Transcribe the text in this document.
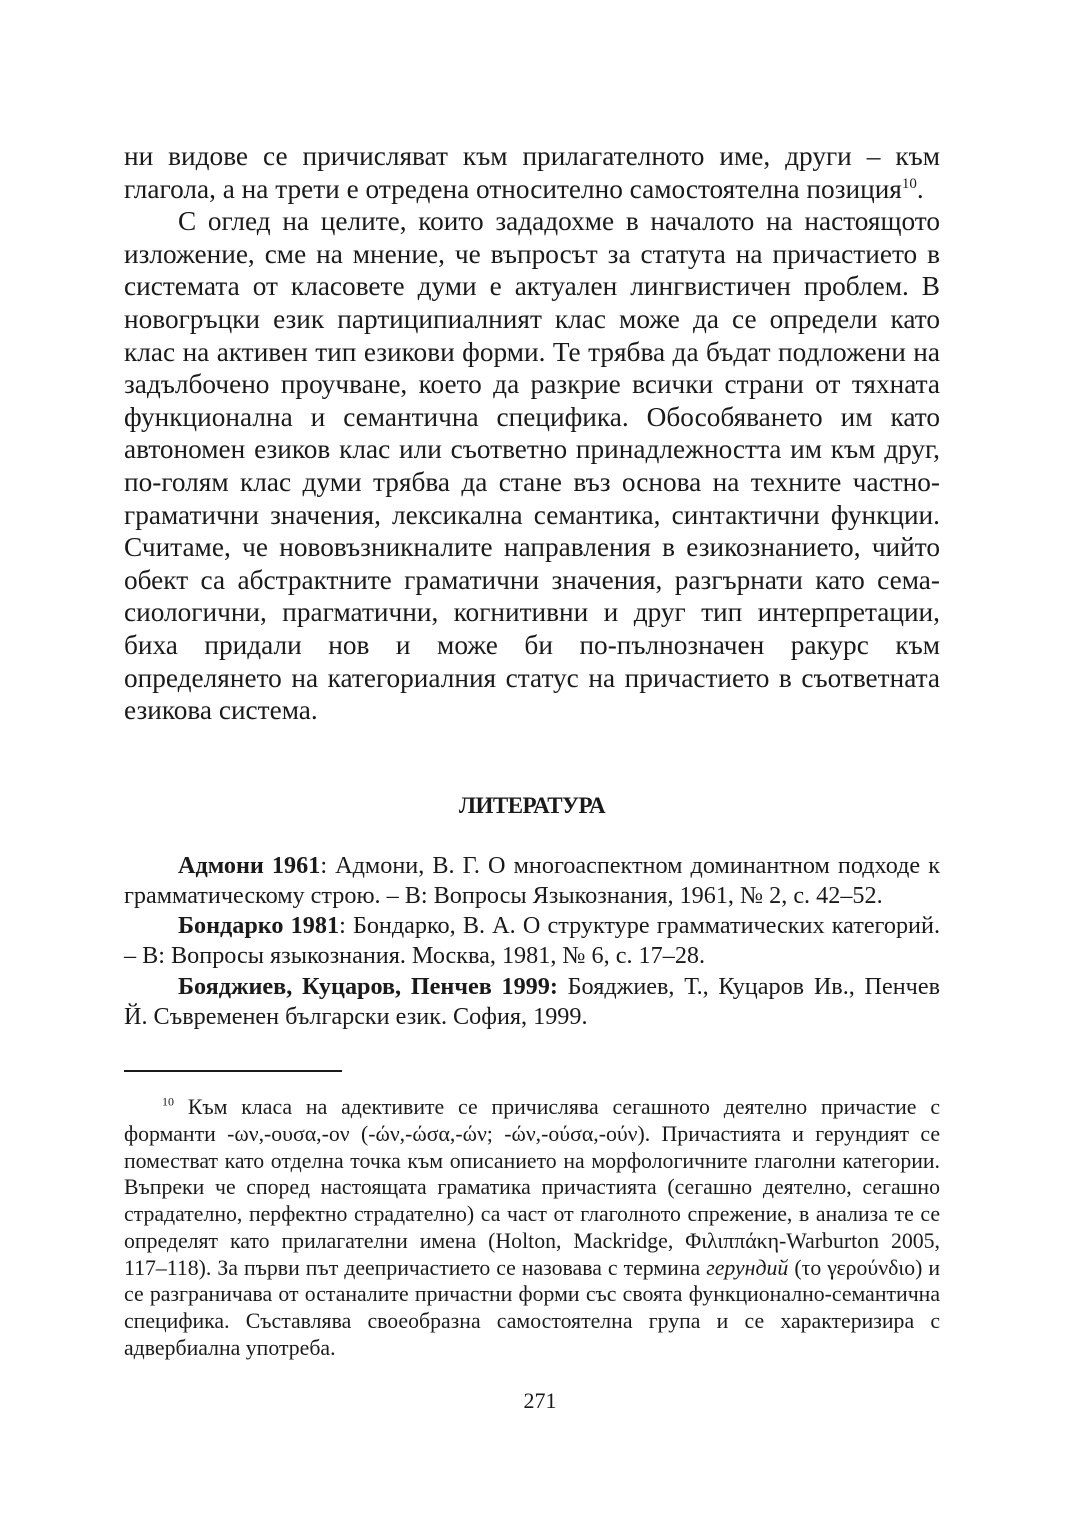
ни видове се причисляват към прилагателното име, други – към глагола, а на трети е отредена относително самостоятелна позиция$^{10}$.

С оглед на целите, които зададохме в началото на настоящото изложение, сме на мнение, че въпросът за статута на причастието в системата от класовете думи е актуален лингвистичен проблем. В новогръцки език партиципиалният клас може да се определи като клас на активен тип езикови форми. Те трябва да бъдат подложени на задълбочено проучване, което да разкрие всички страни от тяхната функционална и семантична специфика. Обособяването им като автономен езиков клас или съответно принадлежността им към друг, по-голям клас думи трябва да стане въз основа на техните частнограматични значения, лексикална семантика, синтактични функции. Считаме, че нововъзникналите направления в езикознанието, чийто обект са абстрактните граматични значения, разгърнати като семасиологични, прагматични, когнитивни и друг тип интерпретации, биха придали нов и може би по-пълнозначен ракурс към определянето на категориалния статус на причастието в съответната езикова система.

ЛИТЕРАТУРА

Адмони 1961: Адмони, В. Г. О многоаспектном доминантном подходе к грамматическому строю. – В: Вопросы Языкознания, 1961, № 2, с. 42–52.

Бондарко 1981: Бондарко, В. А. О структуре грамматических категорий. – В: Вопросы языкознания. Москва, 1981, № 6, с. 17–28.

Бояджиев, Куцаров, Пенчев 1999: Бояджиев, Т., Куцаров Ив., Пенчев Й. Съвременен български език. София, 1999.

$^{10}$ Към класа на адективите се причислява сегашното деятелно причастие с форманти -ων,-ουσα,-ον (-ών,-ώσα,-ών; -ών,-ούσα,-ούν). Причастията и герундият се поместват като отделна точка към описанието на морфологичните глаголни категории. Въпреки че според настоящата граматика причастията (сегашно деятелно, сегашно страдателно, перфектно страдателно) са част от глаголното спрежение, в анализа те се определят като прилагателни имена (Holton, Mackridge, Φιλιππάκη-Warburton 2005, 117–118). За първи път деепричастието се назовава с термина герундий (το γερούνδιο) и се разграничава от останалите причастни форми със своята функционално-семантична специфика. Съставлява своеобразна самостоятелна група и се характеризира с адвербиална употреба.

271
